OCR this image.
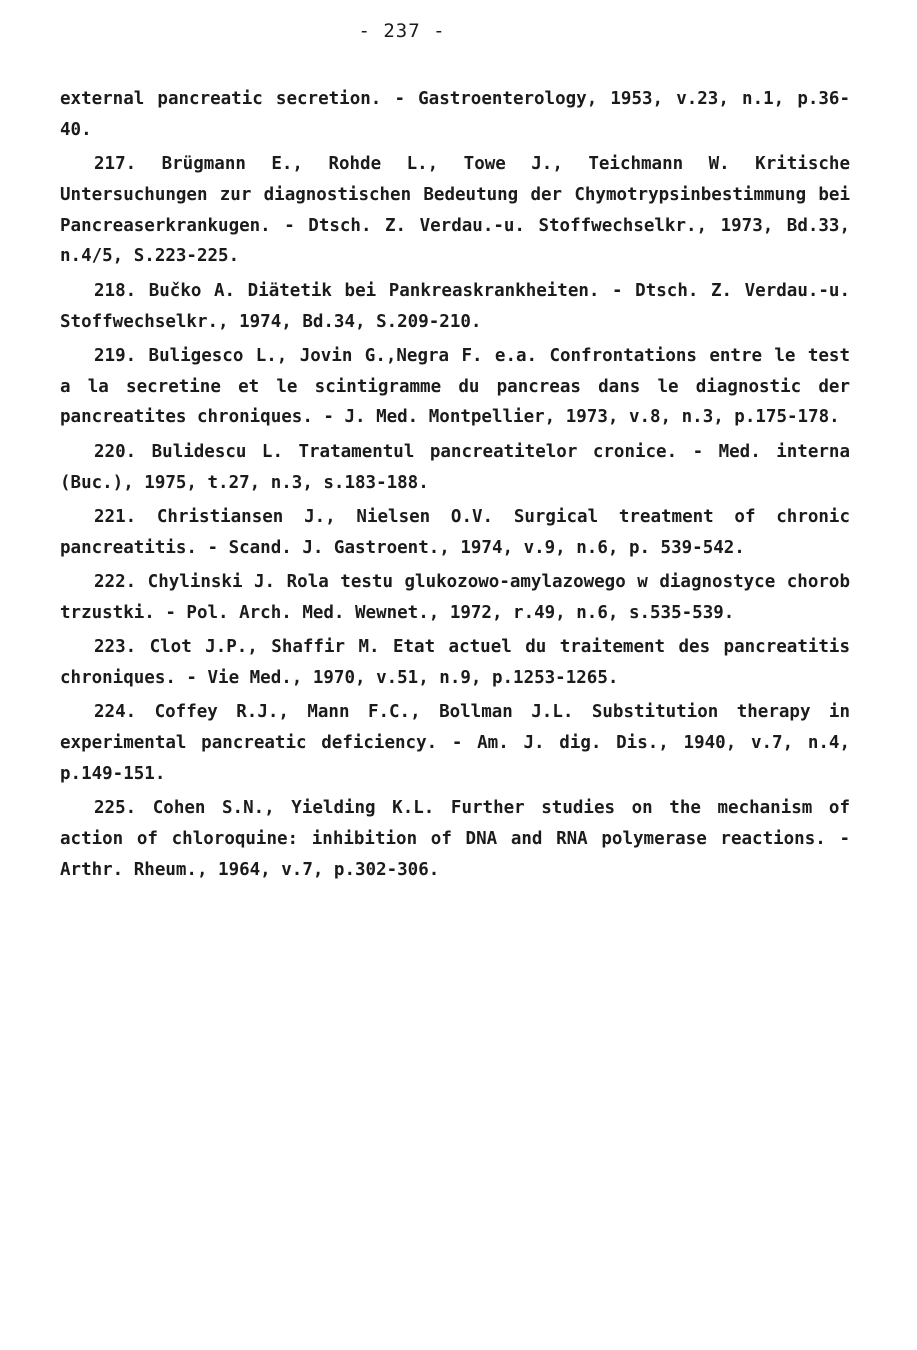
- 237 -

external pancreatic secretion. - Gastroenterology, 1953, v.23, n.1, p.36-40.

217. Brügmann E., Rohde L., Towe J., Teichmann W. Kritische Untersuchungen zur diagnostischen Bedeutung der Chymotrypsinbestimmung bei Pancreaserkrankugen. - Dtsch. Z. Verdau.-u. Stoffwechselkr., 1973, Bd.33, n.4/5, S.223-225.

218. Bučko A. Diätetik bei Pankreaskrankheiten. - Dtsch. Z. Verdau.-u. Stoffwechselkr., 1974, Bd.34, S.209-210.

219. Buligesco L., Jovin G.,Negra F. e.a. Confrontations entre le test a la secretine et le scintigramme du pancreas dans le diagnostic der pancreatites chroniques. - J. Med. Montpellier, 1973, v.8, n.3, p.175-178.

220. Bulidescu L. Tratamentul pancreatitelor cronice. - Med. interna (Buc.), 1975, t.27, n.3, s.183-188.

221. Christiansen J., Nielsen O.V. Surgical treatment of chronic pancreatitis. - Scand. J. Gastroent., 1974, v.9, n.6, p. 539-542.

222. Chylinski J. Rola testu glukozowo-amylazowego w diagnostyce chorob trzustki. - Pol. Arch. Med. Wewnet., 1972, r.49, n.6, s.535-539.

223. Clot J.P., Shaffir M. Etat actuel du traitement des pancreatitis chroniques. - Vie Med., 1970, v.51, n.9, p.1253-1265.

224. Coffey R.J., Mann F.C., Bollman J.L. Substitution therapy in experimental pancreatic deficiency. - Am. J. dig. Dis., 1940, v.7, n.4, p.149-151.

225. Cohen S.N., Yielding K.L. Further studies on the mechanism of action of chloroquine: inhibition of DNA and RNA polymerase reactions. - Arthr. Rheum., 1964, v.7, p.302-306.
